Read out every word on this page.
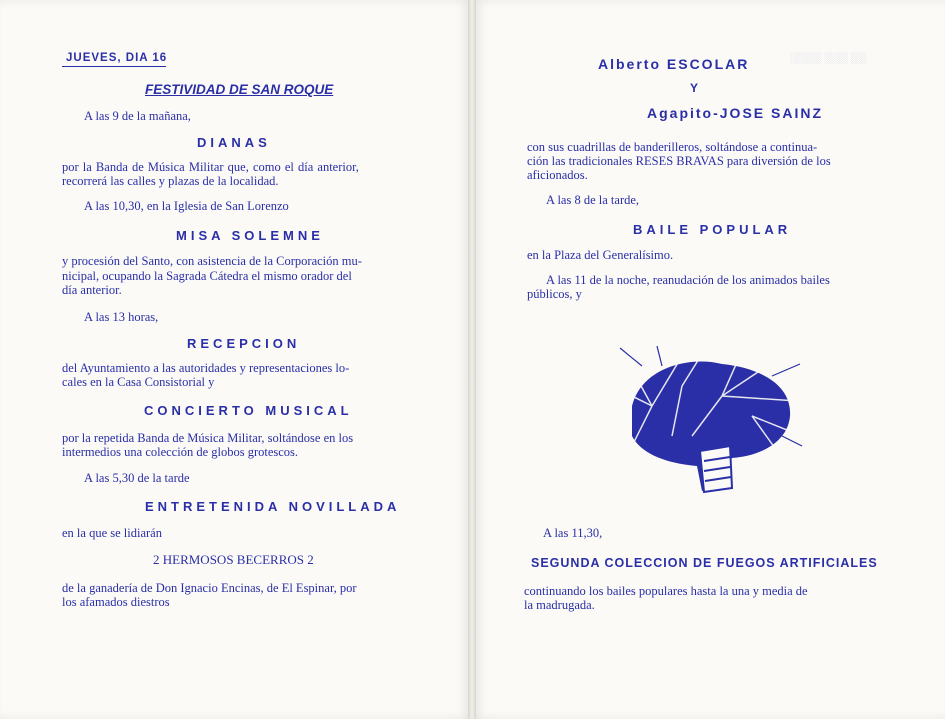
░░░░ ░░░ ░░
JUEVES, DIA 16
FESTIVIDAD DE SAN ROQUE
A las 9 de la mañana,
DIANAS
por la Banda de Música Militar que, como el día anterior,
recorrerá las calles y plazas de la localidad.
A las 10,30, en la Iglesia de San Lorenzo
MISA SOLEMNE
y procesión del Santo, con asistencia de la Corporación mu-
nicipal, ocupando la Sagrada Cátedra el mismo orador del
día anterior.
A las 13 horas,
RECEPCION
del Ayuntamiento a las autoridades y representaciones lo-
cales en la Casa Consistorial y
CONCIERTO MUSICAL
por la repetida Banda de Música Militar, soltándose en los
intermedios una colección de globos grotescos.
A las 5,30 de la tarde
ENTRETENIDA NOVILLADA
en la que se lidiarán
2 HERMOSOS BECERROS 2
de la ganadería de Don Ignacio Encinas, de El Espinar, por
los afamados diestros
Alberto ESCOLAR
Y
Agapito-JOSE SAINZ
con sus cuadrillas de banderilleros, soltándose a continua-
ción las tradicionales RESES BRAVAS para diversión de los
aficionados.
A las 8 de la tarde,
BAILE POPULAR
en la Plaza del Generalísimo.
A las 11 de la noche, reanudación de los animados bailes
públicos, y
A las 11,30,
SEGUNDA COLECCION DE FUEGOS ARTIFICIALES
continuando los bailes populares hasta la una y media de
la madrugada.
